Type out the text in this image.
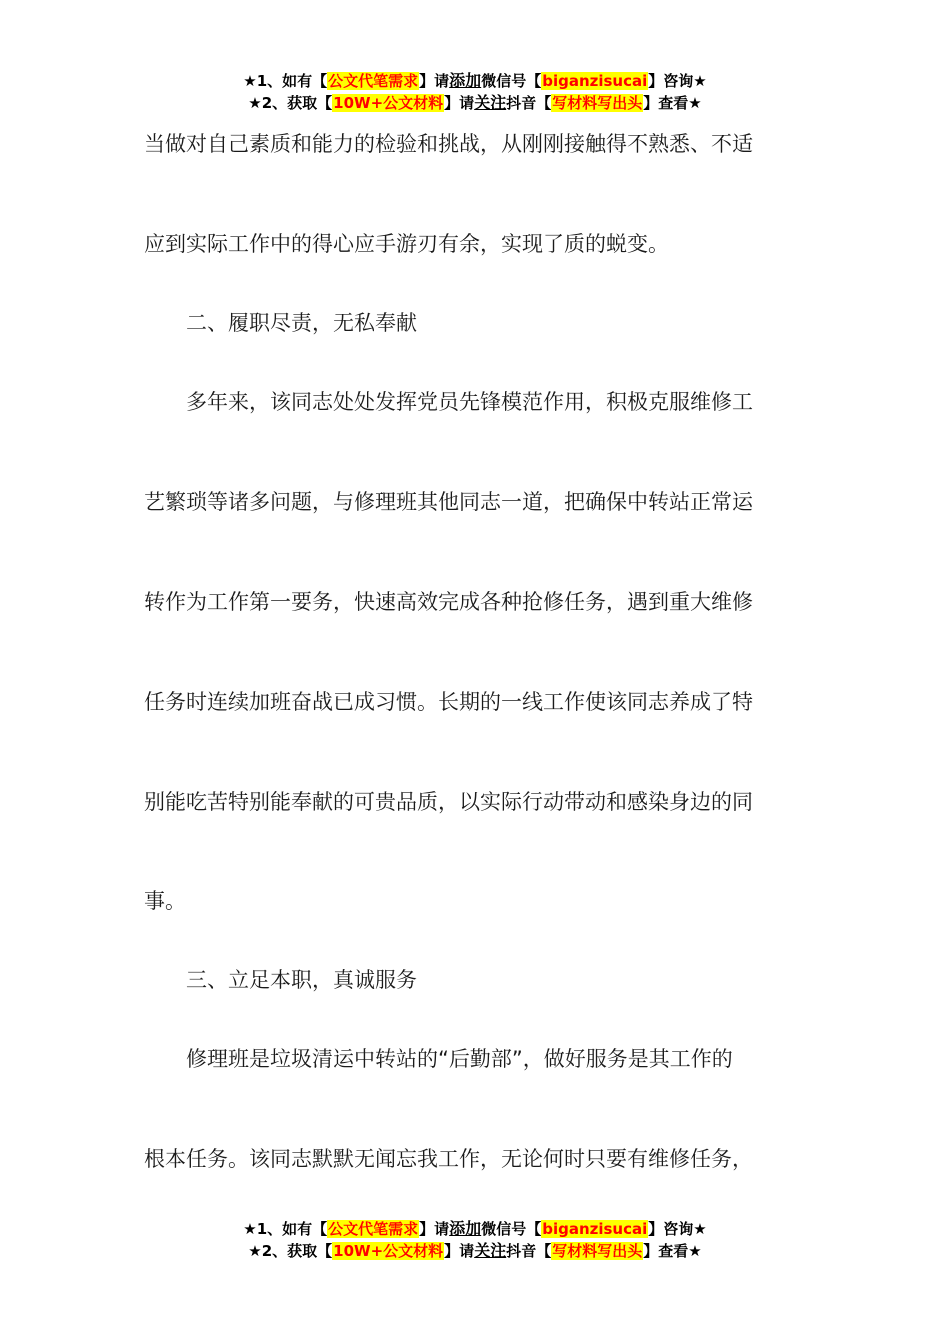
★1、如有【公文代笔需求】请添加微信号【biganzisucai】咨询★
★2、获取【10W+公文材料】请关注抖音【写材料写出头】查看★
当做对自己素质和能力的检验和挑战，从刚刚接触得不熟悉、不适
应到实际工作中的得心应手游刃有余，实现了质的蜕变。
　　二、履职尽责，无私奉献
　　多年来，该同志处处发挥党员先锋模范作用，积极克服维修工
艺繁琐等诸多问题，与修理班其他同志一道，把确保中转站正常运
转作为工作第一要务，快速高效完成各种抢修任务，遇到重大维修
任务时连续加班奋战已成习惯。长期的一线工作使该同志养成了特
别能吃苦特别能奉献的可贵品质，以实际行动带动和感染身边的同
事。
　　三、立足本职，真诚服务
　　修理班是垃圾清运中转站的“后勤部”，做好服务是其工作的
根本任务。该同志默默无闻忘我工作，无论何时只要有维修任务，
★1、如有【公文代笔需求】请添加微信号【biganzisucai】咨询★
★2、获取【10W+公文材料】请关注抖音【写材料写出头】查看★
